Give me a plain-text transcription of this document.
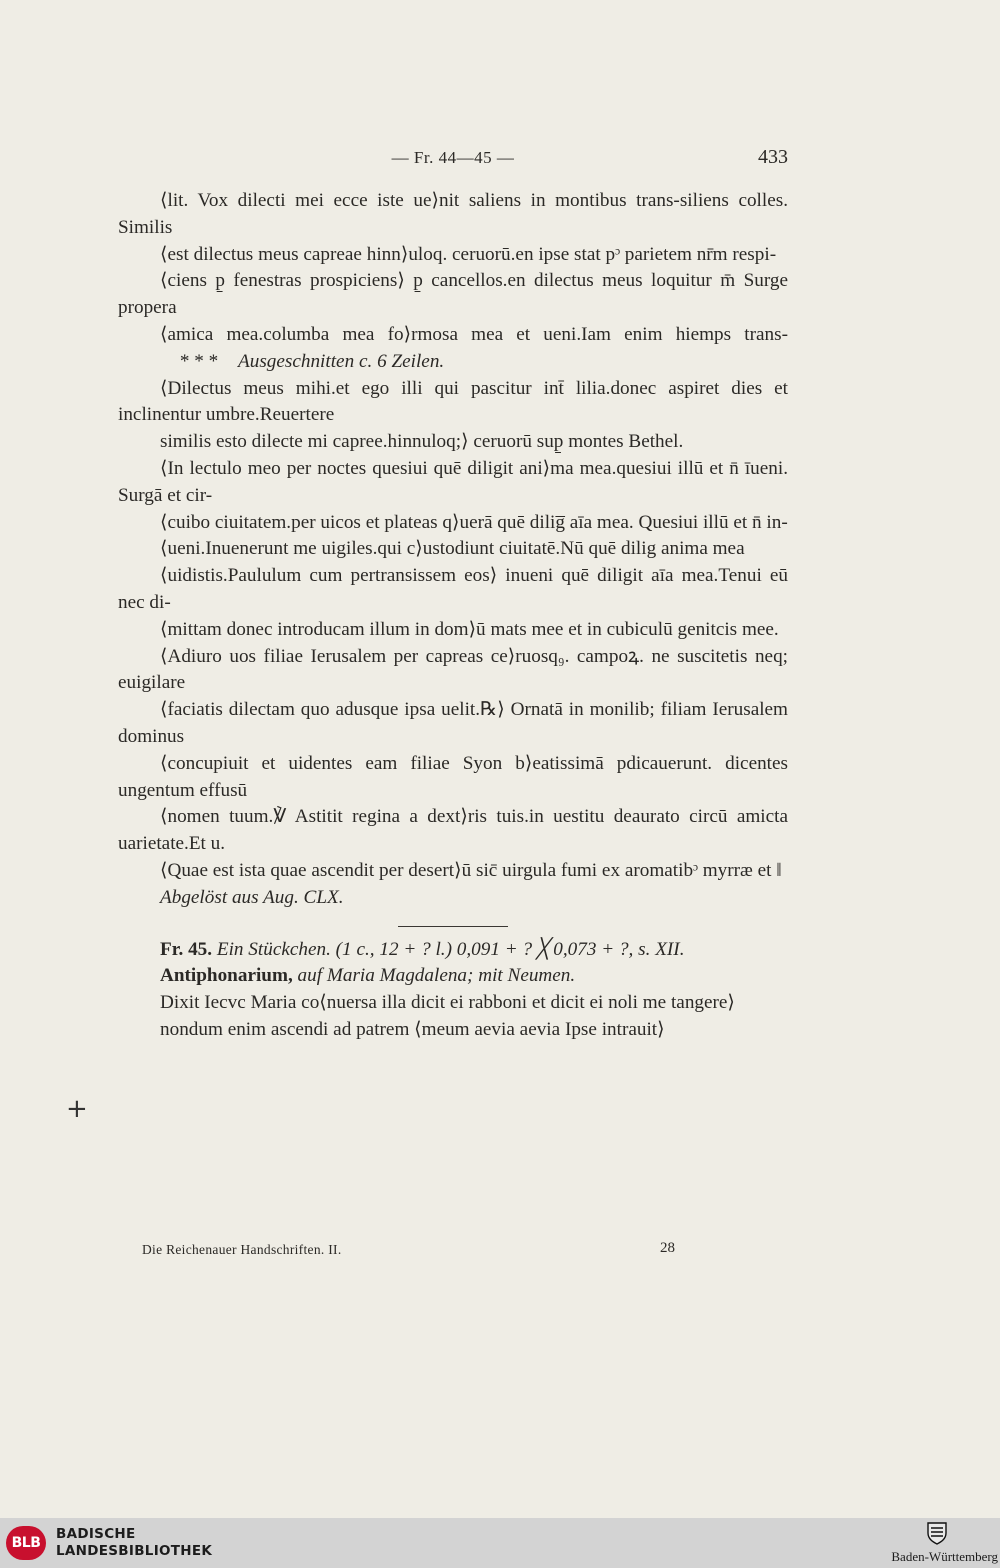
— Fr. 44—45 —	433

⟨lit. Vox dilecti mei ecce iste ue⟩nit saliens in montibus trans-siliens colles. Similis

⟨est dilectus meus capreae hinn⟩uloq. ceruorū.en ipse stat pᵓ parietem nr̄m respi-

⟨ciens p̱ fenestras prospiciens⟩ p̱ cancellos.en dilectus meus loquitur m̄ Surge propera

⟨amica mea.columba mea fo⟩rmosa mea et ueni.Iam enim hiemps trans-* * * Ausgeschnitten c. 6 Zeilen.

⟨Dilectus meus mihi.et ego illi qui pascitur int̄ lilia.donec aspiret dies et inclinentur umbre.Reuertere

similis esto dilecte mi capree.hinnuloq;⟩ ceruorū sup̱ montes Bethel.

⟨In lectulo meo per noctes quesiui quē diligit ani⟩ma mea.quesiui illū et n̄ īueni. Surgā et cir-

⟨cuibo ciuitatem.per uicos et plateas q⟩uerā quē dilig̅ aīa mea. Quesiui illū et n̄ in-

⟨ueni.Inuenerunt me uigiles.qui c⟩ustodiunt ciuitatē.Nū quē dilig anima mea

⟨uidistis.Paululum cum pertransissem eos⟩ inueni quē diligit aīa mea.Tenui eū nec di-

⟨mittam donec introducam illum in dom⟩ū mats mee et in cubiculū genitcis mee.

⟨Adiuro uos filiae Ierusalem per capreas ce⟩ruosq₉. campoꝝ. ne suscitetis neq; euigilare

⟨faciatis dilectam quo adusque ipsa uelit.℞⟩ Ornatā in monilib; filiam Ierusalem dominus

⟨concupiuit et uidentes eam filiae Syon b⟩eatissimā pdicauerunt. dicentes ungentum effusū

⟨nomen tuum.℣ Astitit regina a dext⟩ris tuis.in uestitu deaurato circū amicta uarietate.Et u.

⟨Quae est ista quae ascendit per desert⟩ū sic̄ uirgula fumi ex aromatibᵓ myrræ et ‖

Abgelöst aus Aug. CLX.

Fr. 45. Ein Stückchen. (1 c., 12 + ? l.) 0,091 + ? ╳ 0,073 + ?, s. XII.

Antiphonarium, auf Maria Magdalena; mit Neumen.

Dixit Iecvc Maria co⟨nuersa illa dicit ei rabboni et dicit ei noli me tangere⟩

nondum enim ascendi ad patrem ⟨meum aevia aevia Ipse intrauit⟩

+
Die Reichenauer Handschriften. II.	28
BLB
BADISCHE
LANDESBIBLIOTHEK	Baden-Württemberg
